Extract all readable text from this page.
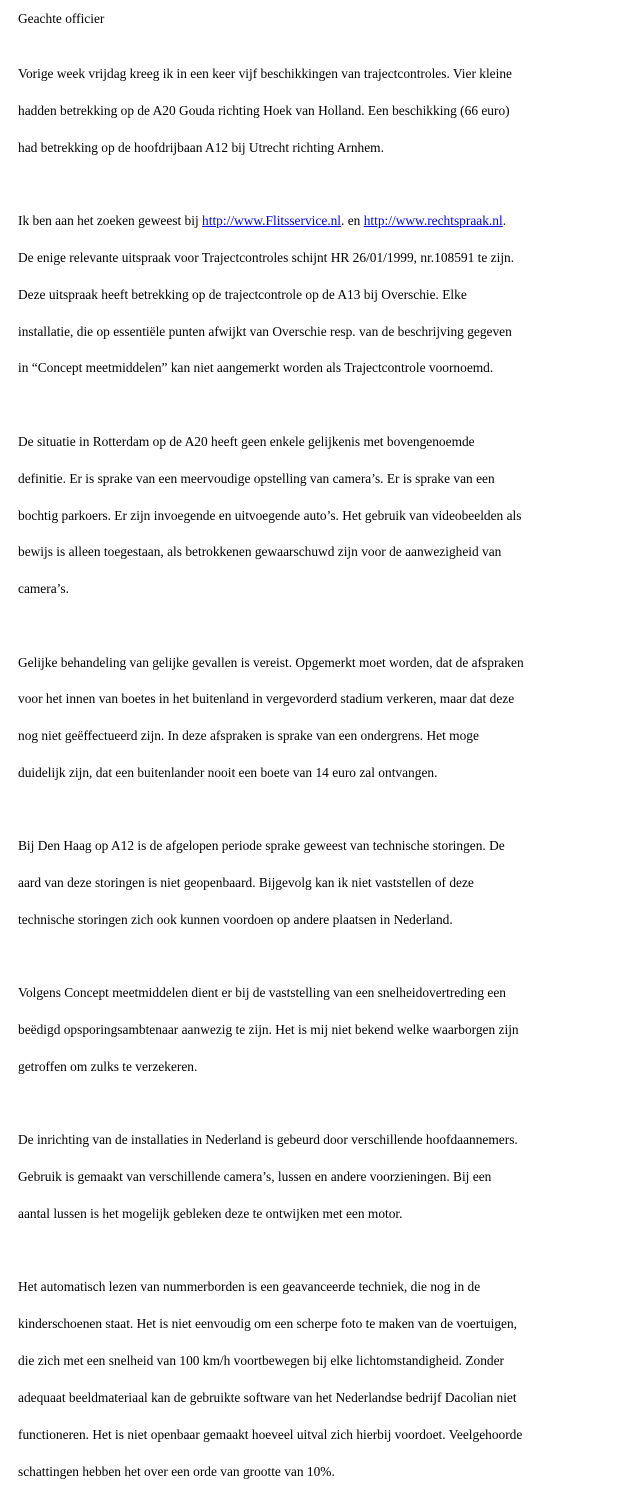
Geachte officier

Vorige week vrijdag kreeg ik in een keer vijf beschikkingen van trajectcontroles. Vier kleine

hadden betrekking op de A20 Gouda richting Hoek van Holland. Een beschikking (66 euro)

had betrekking op de hoofdrijbaan A12 bij Utrecht richting Arnhem.

Ik ben aan het zoeken geweest bij http://www.Flitsservice.nl. en http://www.rechtspraak.nl.

De enige relevante uitspraak voor Trajectcontroles schijnt HR 26/01/1999, nr.108591 te zijn.

Deze uitspraak heeft betrekking op de trajectcontrole op de A13 bij Overschie. Elke

installatie, die op essentiële punten afwijkt van Overschie resp. van de beschrijving gegeven

in “Concept meetmiddelen” kan niet aangemerkt worden als Trajectcontrole voornoemd.

De situatie in Rotterdam op de A20 heeft geen enkele gelijkenis met bovengenoemde

definitie. Er is sprake van een meervoudige opstelling van camera’s. Er is sprake van een

bochtig parkoers. Er zijn invoegende en uitvoegende auto’s. Het gebruik van videobeelden als

bewijs is alleen toegestaan, als betrokkenen gewaarschuwd zijn voor de aanwezigheid van

camera’s.

Gelijke behandeling van gelijke gevallen is vereist. Opgemerkt moet worden, dat de afspraken

voor het innen van boetes in het buitenland in vergevorderd stadium verkeren, maar dat deze

nog niet geëffectueerd zijn. In deze afspraken is sprake van een ondergrens. Het moge

duidelijk zijn, dat een buitenlander nooit een boete van 14 euro zal ontvangen.

Bij Den Haag op A12 is de afgelopen periode sprake geweest van technische storingen. De

aard van deze storingen is niet geopenbaard. Bijgevolg kan ik niet vaststellen of deze

technische storingen zich ook kunnen voordoen op andere plaatsen in Nederland.

Volgens Concept meetmiddelen dient er bij de vaststelling van een snelheidovertreding een

beëdigd opsporingsambtenaar aanwezig te zijn. Het is mij niet bekend welke waarborgen zijn

getroffen om zulks te verzekeren.

De inrichting van de installaties in Nederland is gebeurd door verschillende hoofdaannemers.

Gebruik is gemaakt van verschillende camera’s, lussen en andere voorzieningen. Bij een

aantal lussen is het mogelijk gebleken deze te ontwijken met een motor.

Het automatisch lezen van nummerborden is een geavanceerde techniek, die nog in de

kinderschoenen staat. Het is niet eenvoudig om een scherpe foto te maken van de voertuigen,

die zich met een snelheid van 100 km/h voortbewegen bij elke lichtomstandigheid. Zonder

adequaat beeldmateriaal kan de gebruikte software van het Nederlandse bedrijf Dacolian niet

functioneren. Het is niet openbaar gemaakt hoeveel uitval zich hierbij voordoet. Veelgehoorde

schattingen hebben het over een orde van grootte van 10%.
